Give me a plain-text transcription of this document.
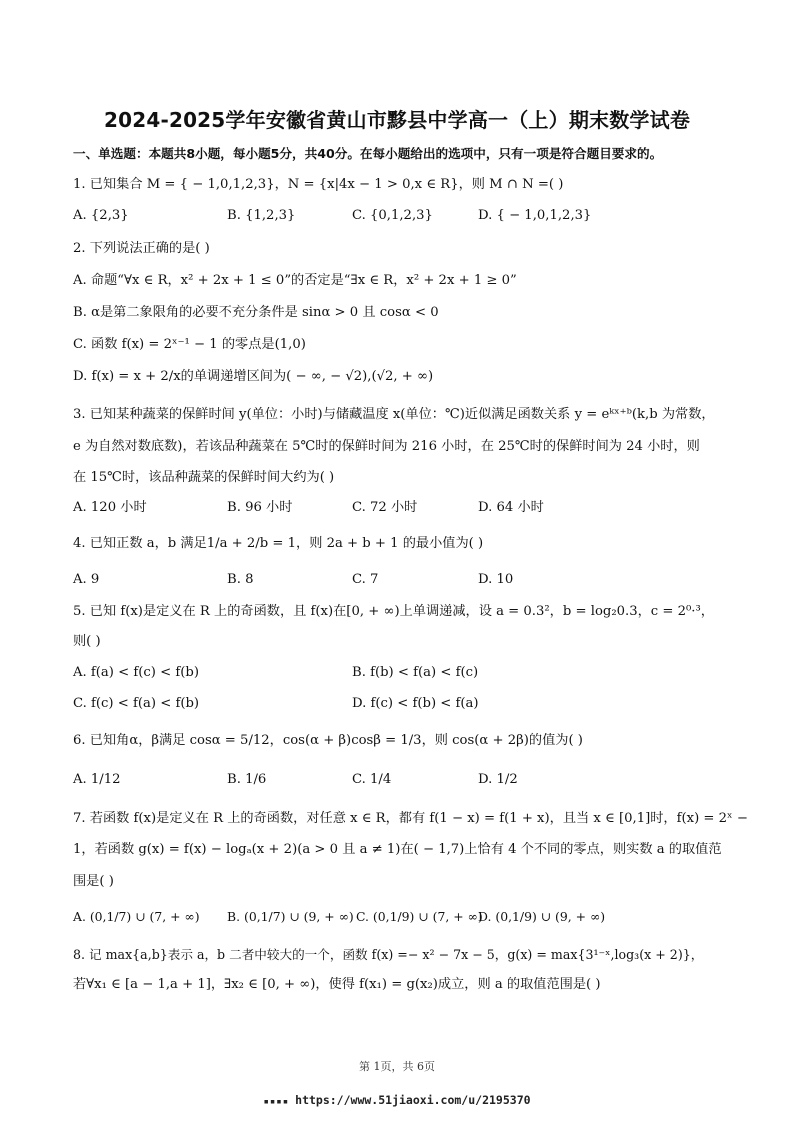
2024-2025学年安徽省黄山市黟县中学高一（上）期末数学试卷
一、单选题：本题共8小题，每小题5分，共40分。在每小题给出的选项中，只有一项是符合题目要求的。
1. 已知集合 M = { − 1,0,1,2,3}，N = {x|4x − 1 > 0,x ∈ R}，则 M ∩ N =( )
A. {2,3}	B. {1,2,3}	C. {0,1,2,3}	D. { − 1,0,1,2,3}
2. 下列说法正确的是( )
A. 命题“∀x ∈ R，x² + 2x + 1 ≤ 0”的否定是“∃x ∈ R，x² + 2x + 1 ≥ 0”
B. α是第二象限角的必要不充分条件是 sinα > 0 且 cosα < 0
C. 函数 f(x) = 2ˣ⁻¹ − 1 的零点是(1,0)
D. f(x) = x + 2/x的单调递增区间为( − ∞, − √2),(√2, + ∞)
3. 已知某种蔬菜的保鲜时间 y(单位：小时)与储藏温度 x(单位：℃)近似满足函数关系 y = eᵏˣ⁺ᵇ(k,b 为常数，
e 为自然对数底数)，若该品种蔬菜在 5℃时的保鲜时间为 216 小时，在 25℃时的保鲜时间为 24 小时，则
在 15℃时，该品种蔬菜的保鲜时间大约为( )
A. 120 小时	B. 96 小时	C. 72 小时	D. 64 小时
4. 已知正数 a，b 满足1/a + 2/b = 1，则 2a + b + 1 的最小值为( )
A. 9	B. 8	C. 7	D. 10
5. 已知 f(x)是定义在 R 上的奇函数，且 f(x)在[0, + ∞)上单调递减，设 a = 0.3²，b = log₂0.3，c = 2⁰·³，
则( )
A. f(a) < f(c) < f(b)	B. f(b) < f(a) < f(c)
C. f(c) < f(a) < f(b)	D. f(c) < f(b) < f(a)
6. 已知角α，β满足 cosα = 5/12，cos(α + β)cosβ = 1/3，则 cos(α + 2β)的值为( )
A. 1/12	B. 1/6	C. 1/4	D. 1/2
7. 若函数 f(x)是定义在 R 上的奇函数，对任意 x ∈ R，都有 f(1 − x) = f(1 + x)，且当 x ∈ [0,1]时，f(x) = 2ˣ −
1，若函数 g(x) = f(x) − logₐ(x + 2)(a > 0 且 a ≠ 1)在( − 1,7)上恰有 4 个不同的零点，则实数 a 的取值范
围是( )
A. (0,1/7) ∪ (7, + ∞) B. (0,1/7) ∪ (9, + ∞) C. (0,1/9) ∪ (7, + ∞)
D. (0,1/9) ∪ (9, + ∞)
8. 记 max{a,b}表示 a，b 二者中较大的一个，函数 f(x) =− x² − 7x − 5，g(x) = max{3¹⁻ˣ,log₃(x + 2)}，
若∀x₁ ∈ [a − 1,a + 1]，∃x₂ ∈ [0, + ∞)，使得 f(x₁) = g(x₂)成立，则 a 的取值范围是( )
第 1页，共 6页
▪▪▪▪ https://www.51jiaoxi.com/u/2195370
